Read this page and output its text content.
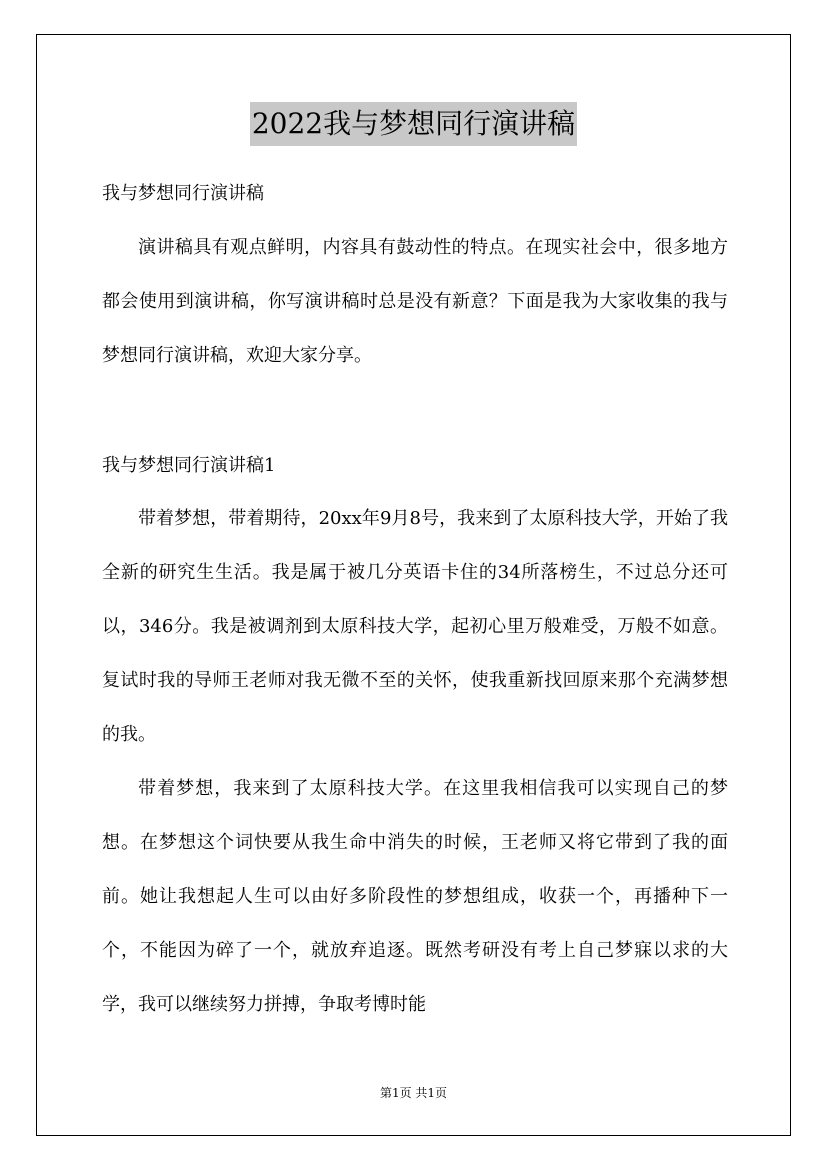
2022我与梦想同行演讲稿
我与梦想同行演讲稿

演讲稿具有观点鲜明，内容具有鼓动性的特点。在现实社会中，很多地方都会使用到演讲稿，你写演讲稿时总是没有新意？下面是我为大家收集的我与梦想同行演讲稿，欢迎大家分享。

我与梦想同行演讲稿1

带着梦想，带着期待，20xx年9月8号，我来到了太原科技大学，开始了我全新的研究生生活。我是属于被几分英语卡住的34所落榜生，不过总分还可以，346分。我是被调剂到太原科技大学，起初心里万般难受，万般不如意。复试时我的导师王老师对我无微不至的关怀，使我重新找回原来那个充满梦想的我。

带着梦想，我来到了太原科技大学。在这里我相信我可以实现自己的梦想。在梦想这个词快要从我生命中消失的时候，王老师又将它带到了我的面前。她让我想起人生可以由好多阶段性的梦想组成，收获一个，再播种下一个，不能因为碎了一个，就放弃追逐。既然考研没有考上自己梦寐以求的大学，我可以继续努力拼搏，争取考博时能

第1页 共1页
